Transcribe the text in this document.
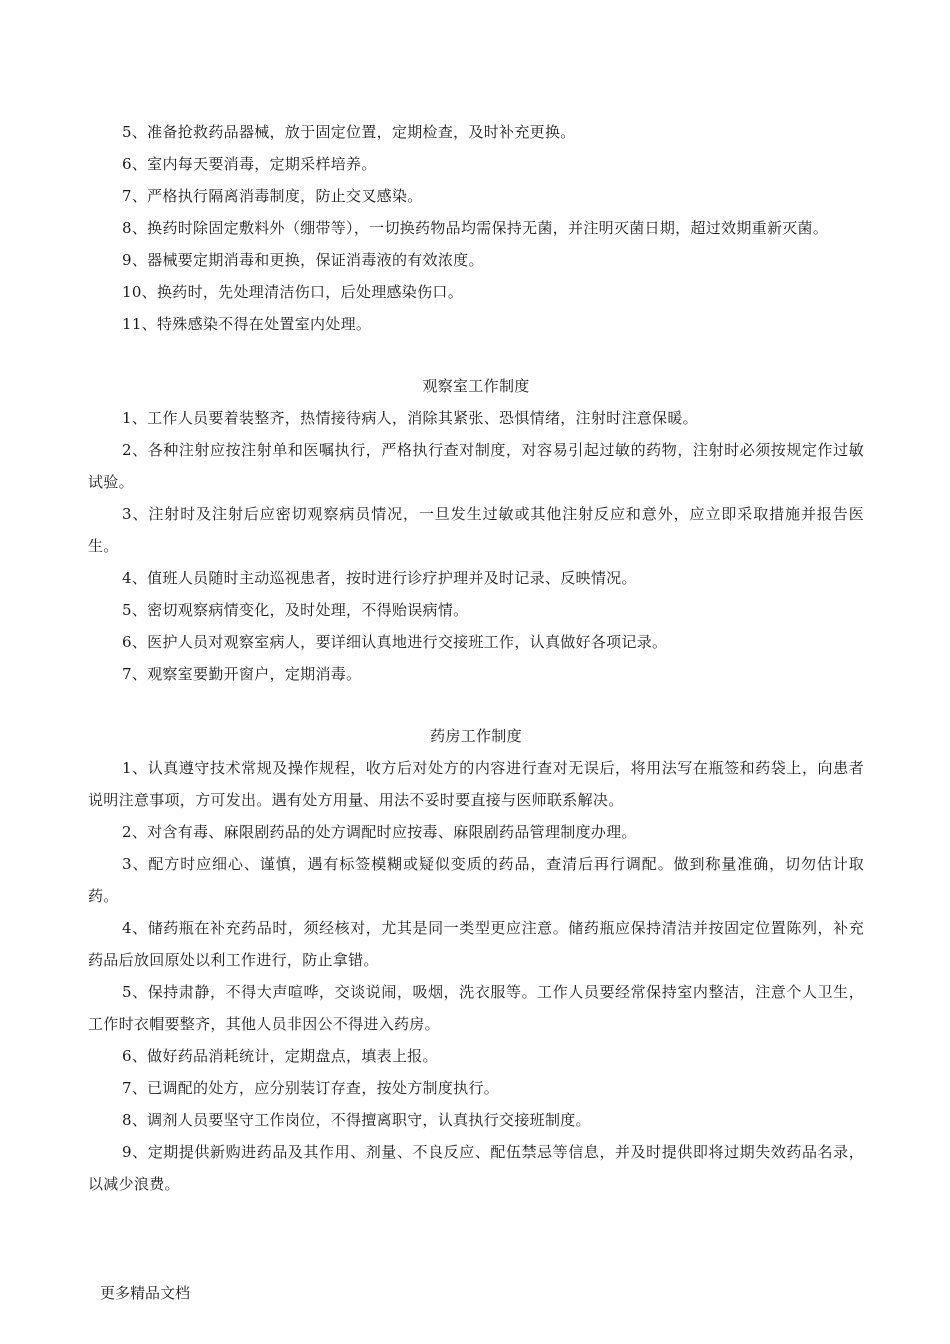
5、准备抢救药品器械，放于固定位置，定期检查，及时补充更换。

6、室内每天要消毒，定期采样培养。

7、严格执行隔离消毒制度，防止交叉感染。

8、换药时除固定敷料外（绷带等），一切换药物品均需保持无菌，并注明灭菌日期，超过效期重新灭菌。

9、器械要定期消毒和更换，保证消毒液的有效浓度。

10、换药时，先处理清洁伤口，后处理感染伤口。

11、特殊感染不得在处置室内处理。

观察室工作制度

1、工作人员要着装整齐，热情接待病人，消除其紧张、恐惧情绪，注射时注意保暖。

2、各种注射应按注射单和医嘱执行，严格执行查对制度，对容易引起过敏的药物，注射时必须按规定作过敏试验。

3、注射时及注射后应密切观察病员情况，一旦发生过敏或其他注射反应和意外，应立即采取措施并报告医生。

4、值班人员随时主动巡视患者，按时进行诊疗护理并及时记录、反映情况。

5、密切观察病情变化，及时处理，不得贻误病情。

6、医护人员对观察室病人，要详细认真地进行交接班工作，认真做好各项记录。

7、观察室要勤开窗户，定期消毒。

药房工作制度

1、认真遵守技术常规及操作规程，收方后对处方的内容进行查对无误后，将用法写在瓶签和药袋上，向患者说明注意事项，方可发出。遇有处方用量、用法不妥时要直接与医师联系解决。

2、对含有毒、麻限剧药品的处方调配时应按毒、麻限剧药品管理制度办理。

3、配方时应细心、谨慎，遇有标签模糊或疑似变质的药品，查清后再行调配。做到称量准确，切勿估计取药。

4、储药瓶在补充药品时，须经核对，尤其是同一类型更应注意。储药瓶应保持清洁并按固定位置陈列，补充药品后放回原处以利工作进行，防止拿错。

5、保持肃静，不得大声喧哗，交谈说闹，吸烟，洗衣服等。工作人员要经常保持室内整洁，注意个人卫生，工作时衣帽要整齐，其他人员非因公不得进入药房。

6、做好药品消耗统计，定期盘点，填表上报。

7、已调配的处方，应分别装订存查，按处方制度执行。

8、调剂人员要坚守工作岗位，不得擅离职守，认真执行交接班制度。

9、定期提供新购进药品及其作用、剂量、不良反应、配伍禁忌等信息，并及时提供即将过期失效药品名录，以减少浪费。

更多精品文档
